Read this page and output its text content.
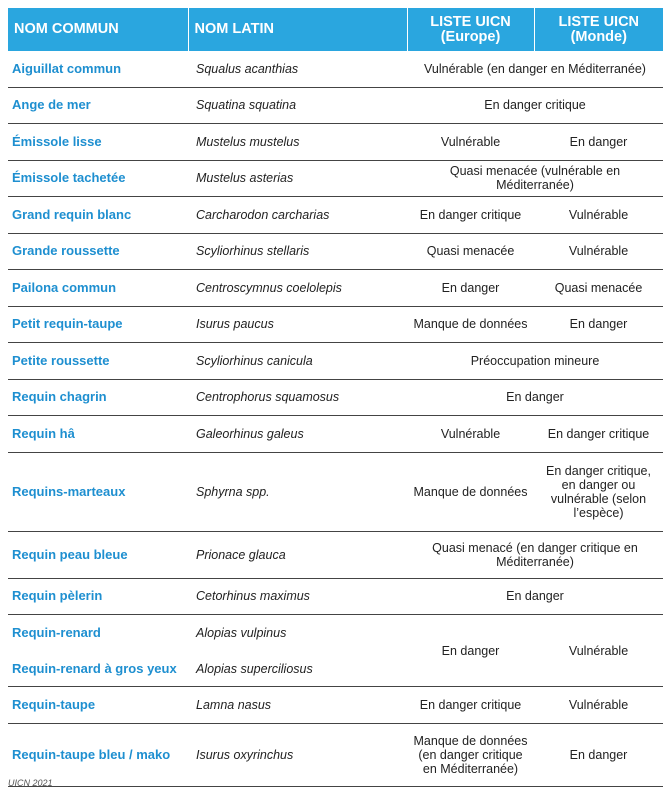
NOM COMMUN	NOM LATIN	LISTE UICN (Europe)	LISTE UICN (Monde)
Aiguillat commun	Squalus acanthias	Vulnérable (en danger en Méditerranée)	
Ange de mer	Squatina squatina	En danger critique	
Émissole lisse	Mustelus mustelus	Vulnérable	En danger
Émissole tachetée	Mustelus asterias	Quasi menacée (vulnérable en Méditerranée)	
Grand requin blanc	Carcharodon carcharias	En danger critique	Vulnérable
Grande roussette	Scyliorhinus stellaris	Quasi menacée	Vulnérable
Pailona commun	Centroscymnus coelolepis	En danger	Quasi menacée
Petit requin-taupe	Isurus paucus	Manque de données	En danger
Petite roussette	Scyliorhinus canicula	Préoccupation mineure	
Requin chagrin	Centrophorus squamosus	En danger	
Requin hâ	Galeorhinus galeus	Vulnérable	En danger critique
Requins-marteaux	Sphyrna spp.	Manque de données	En danger critique, en danger ou vulnérable (selon l’espèce)
Requin peau bleue	Prionace glauca	Quasi menacé (en danger critique en Méditerranée)	
Requin pèlerin	Cetorhinus maximus	En danger	
Requin-renard	Alopias vulpinus	En danger	Vulnérable
Requin-renard à gros yeux	Alopias superciliosus		
Requin-taupe	Lamna nasus	En danger critique	Vulnérable
Requin-taupe bleu / mako	Isurus oxyrinchus	Manque de données (en danger critique en Méditerranée)	En danger
UICN 2021
